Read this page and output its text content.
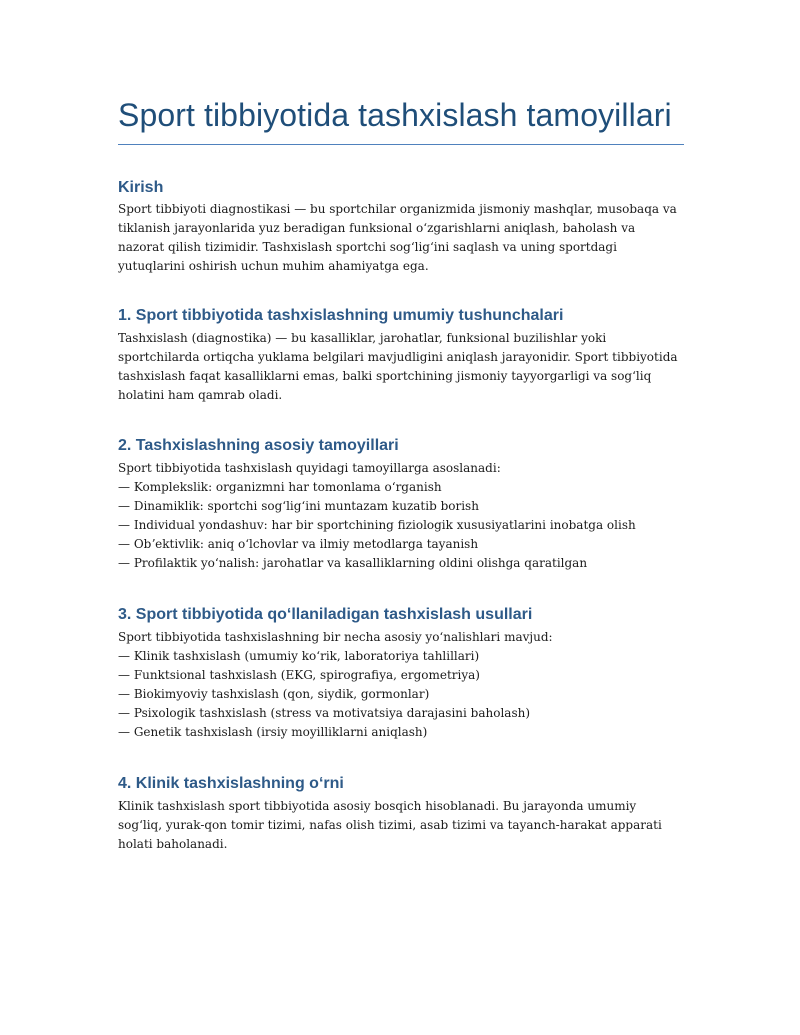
Sport tibbiyotida tashxislash tamoyillari
Kirish

Sport tibbiyoti diagnostikasi — bu sportchilar organizmida jismoniy mashqlar, musobaqa va tiklanish jarayonlarida yuz beradigan funksional oʻzgarishlarni aniqlash, baholash va nazorat qilish tizimidir. Tashxislash sportchi sogʻligʻini saqlash va uning sportdagi yutuqlarini oshirish uchun muhim ahamiyatga ega.

1. Sport tibbiyotida tashxislashning umumiy tushunchalari

Tashxislash (diagnostika) — bu kasalliklar, jarohatlar, funksional buzilishlar yoki sportchilarda ortiqcha yuklama belgilari mavjudligini aniqlash jarayonidir. Sport tibbiyotida tashxislash faqat kasalliklarni emas, balki sportchining jismoniy tayyorgarligi va sogʻliq holatini ham qamrab oladi.

2. Tashxislashning asosiy tamoyillari

Sport tibbiyotida tashxislash quyidagi tamoyillarga asoslanadi:

— Komplekslik: organizmni har tomonlama oʻrganish
— Dinamiklik: sportchi sogʻligʻini muntazam kuzatib borish
— Individual yondashuv: har bir sportchining fiziologik xususiyatlarini inobatga olish
— Obʼektivlik: aniq oʻlchovlar va ilmiy metodlarga tayanish
— Profilaktik yoʻnalish: jarohatlar va kasalliklarning oldini olishga qaratilgan
3. Sport tibbiyotida qoʻllaniladigan tashxislash usullari

Sport tibbiyotida tashxislashning bir necha asosiy yoʻnalishlari mavjud:

— Klinik tashxislash (umumiy koʻrik, laboratoriya tahlillari)
— Funktsional tashxislash (EKG, spirografiya, ergometriya)
— Biokimyoviy tashxislash (qon, siydik, gormonlar)
— Psixologik tashxislash (stress va motivatsiya darajasini baholash)
— Genetik tashxislash (irsiy moyilliklarni aniqlash)
4. Klinik tashxislashning oʻrni

Klinik tashxislash sport tibbiyotida asosiy bosqich hisoblanadi. Bu jarayonda umumiy sogʻliq, yurak-qon tomir tizimi, nafas olish tizimi, asab tizimi va tayanch-harakat apparati holati baholanadi.
